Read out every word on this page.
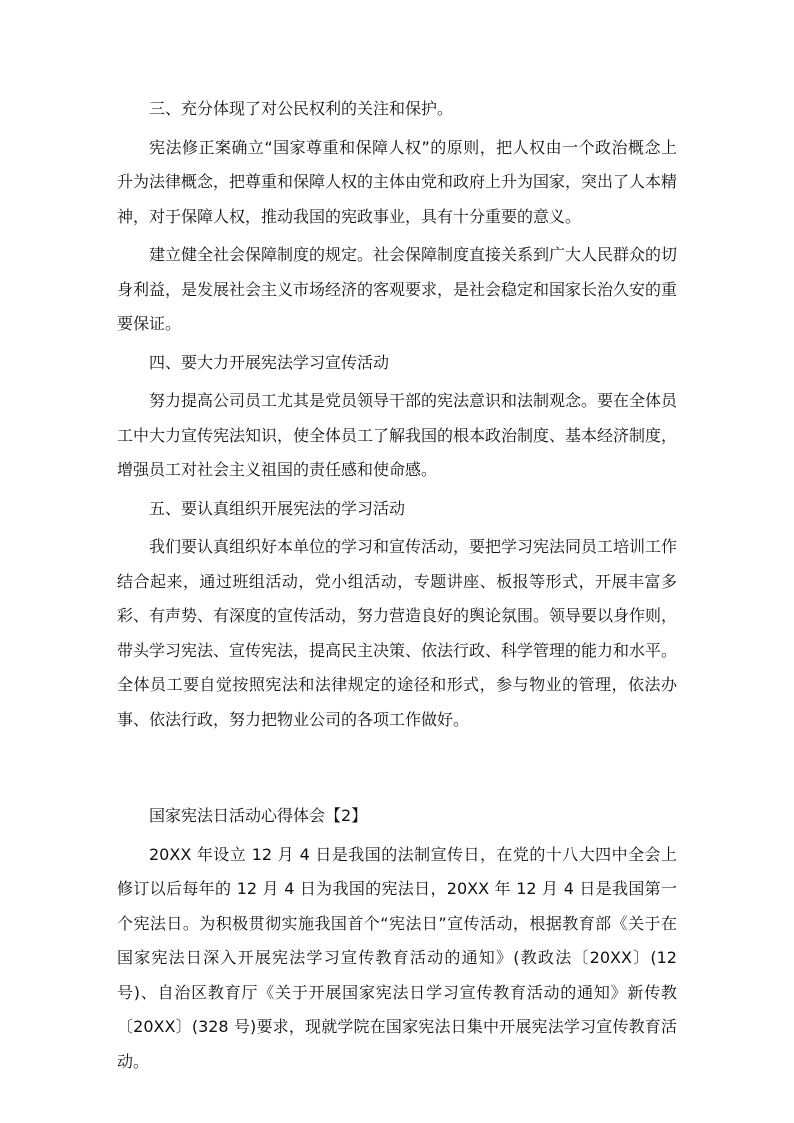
三、充分体现了对公民权利的关注和保护。

宪法修正案确立“国家尊重和保障人权”的原则，把人权由一个政治概念上升为法律概念，把尊重和保障人权的主体由党和政府上升为国家，突出了人本精神，对于保障人权，推动我国的宪政事业，具有十分重要的意义。

建立健全社会保障制度的规定。社会保障制度直接关系到广大人民群众的切身利益，是发展社会主义市场经济的客观要求，是社会稳定和国家长治久安的重要保证。

四、要大力开展宪法学习宣传活动

努力提高公司员工尤其是党员领导干部的宪法意识和法制观念。要在全体员工中大力宣传宪法知识，使全体员工了解我国的根本政治制度、基本经济制度，增强员工对社会主义祖国的责任感和使命感。

五、要认真组织开展宪法的学习活动

我们要认真组织好本单位的学习和宣传活动，要把学习宪法同员工培训工作结合起来，通过班组活动，党小组活动，专题讲座、板报等形式，开展丰富多彩、有声势、有深度的宣传活动，努力营造良好的舆论氛围。领导要以身作则，带头学习宪法、宣传宪法，提高民主决策、依法行政、科学管理的能力和水平。全体员工要自觉按照宪法和法律规定的途径和形式，参与物业的管理，依法办事、依法行政，努力把物业公司的各项工作做好。

国家宪法日活动心得体会【2】

20XX 年设立 12 月 4 日是我国的法制宣传日，在党的十八大四中全会上修订以后每年的 12 月 4 日为我国的宪法日，20XX 年 12 月 4 日是我国第一个宪法日。为积极贯彻实施我国首个“宪法日”宣传活动，根据教育部《关于在国家宪法日深入开展宪法学习宣传教育活动的通知》(教政法〔20XX〕(12 号)、自治区教育厅《关于开展国家宪法日学习宣传教育活动的通知》新传教〔20XX〕(328 号)要求，现就学院在国家宪法日集中开展宪法学习宣传教育活动。
